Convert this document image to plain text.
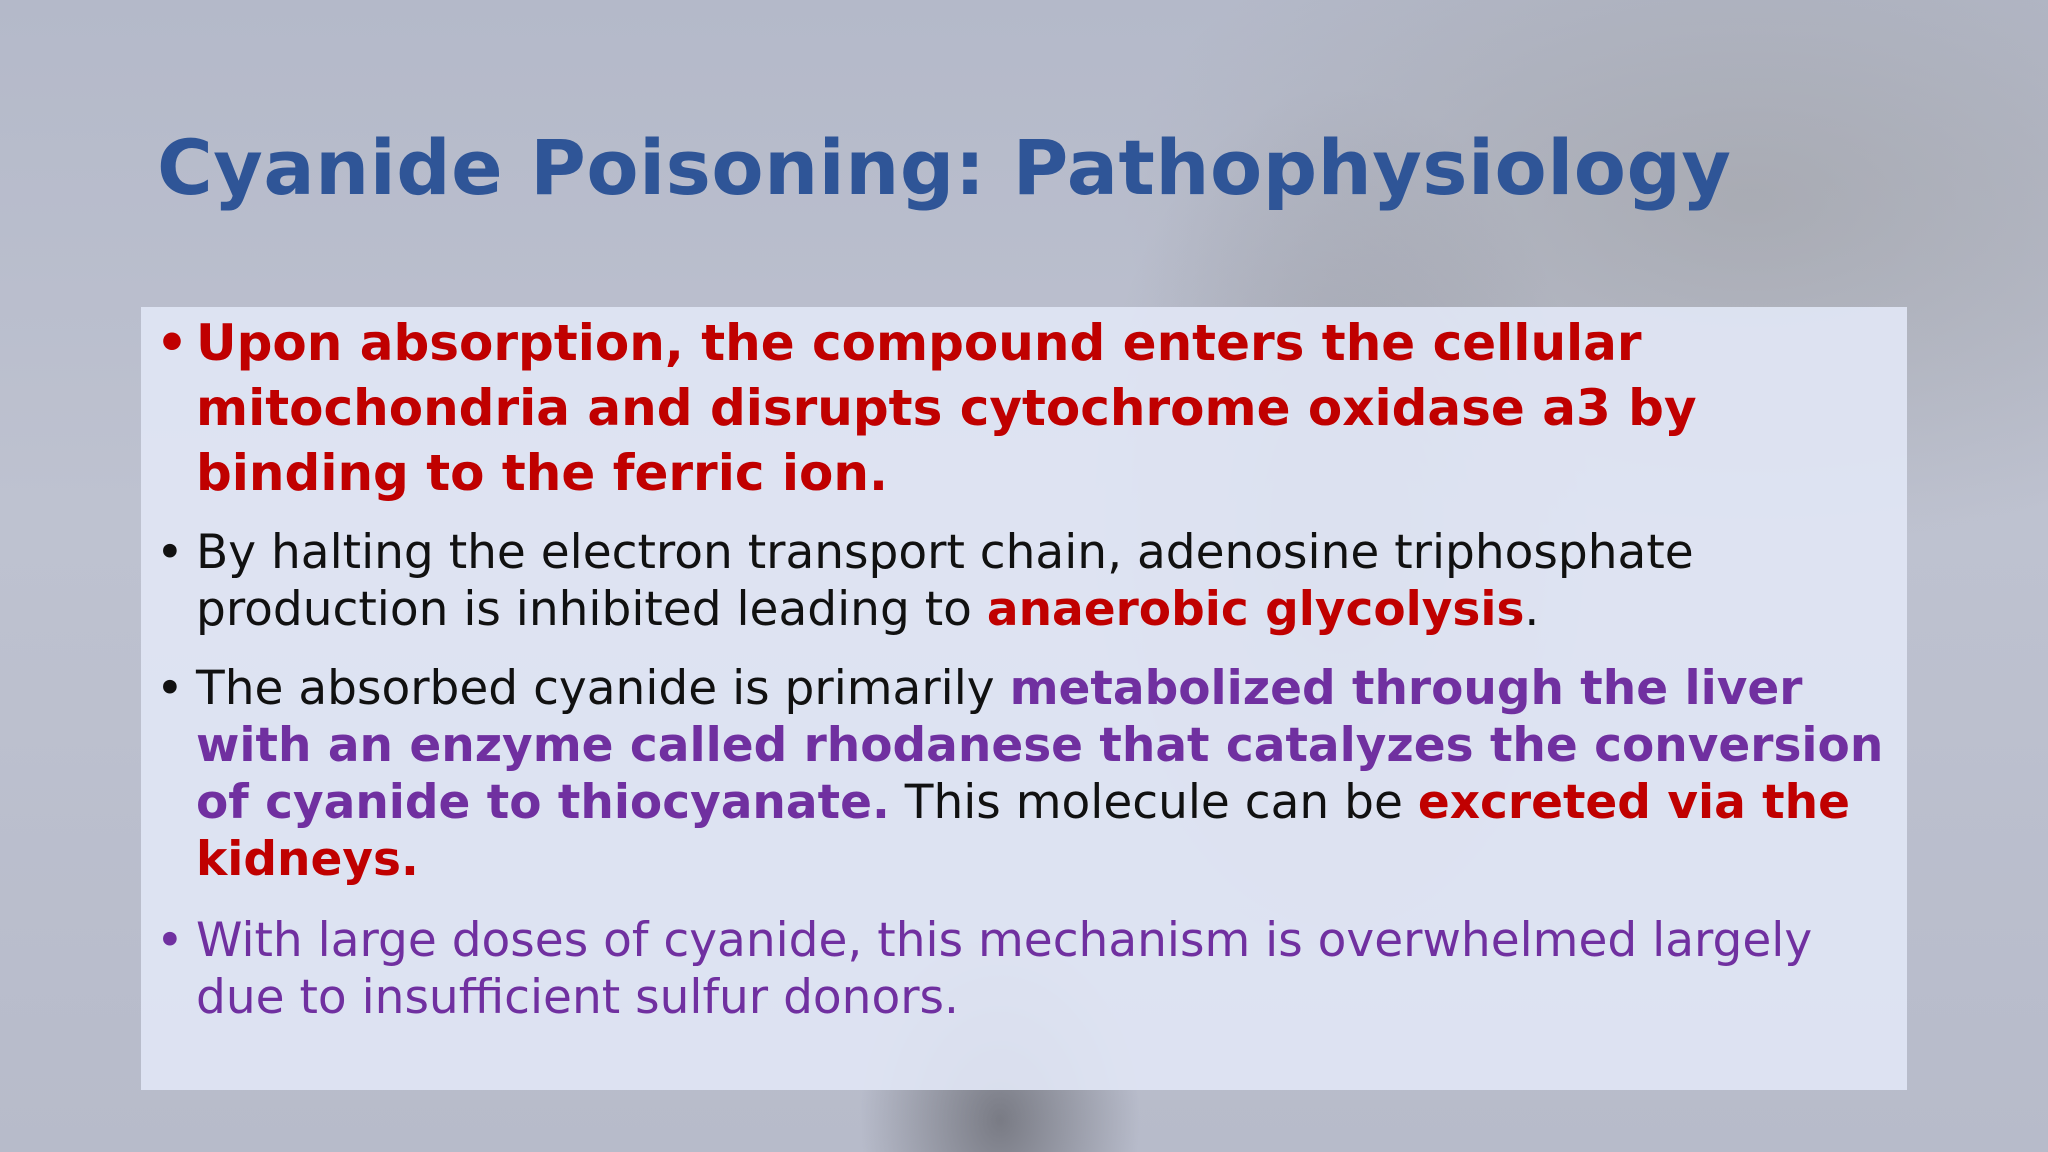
Cyanide Poisoning: Pathophysiology
• Upon absorption, the compound enters the cellular mitochondria and disrupts cytochrome oxidase a3 by binding to the ferric ion.
• By halting the electron transport chain, adenosine triphosphate production is inhibited leading to anaerobic glycolysis.
• The absorbed cyanide is primarily metabolized through the liver with an enzyme called rhodanese that catalyzes the conversion of cyanide to thiocyanate. This molecule can be excreted via the kidneys.
• With large doses of cyanide, this mechanism is overwhelmed largely due to insufficient sulfur donors.
